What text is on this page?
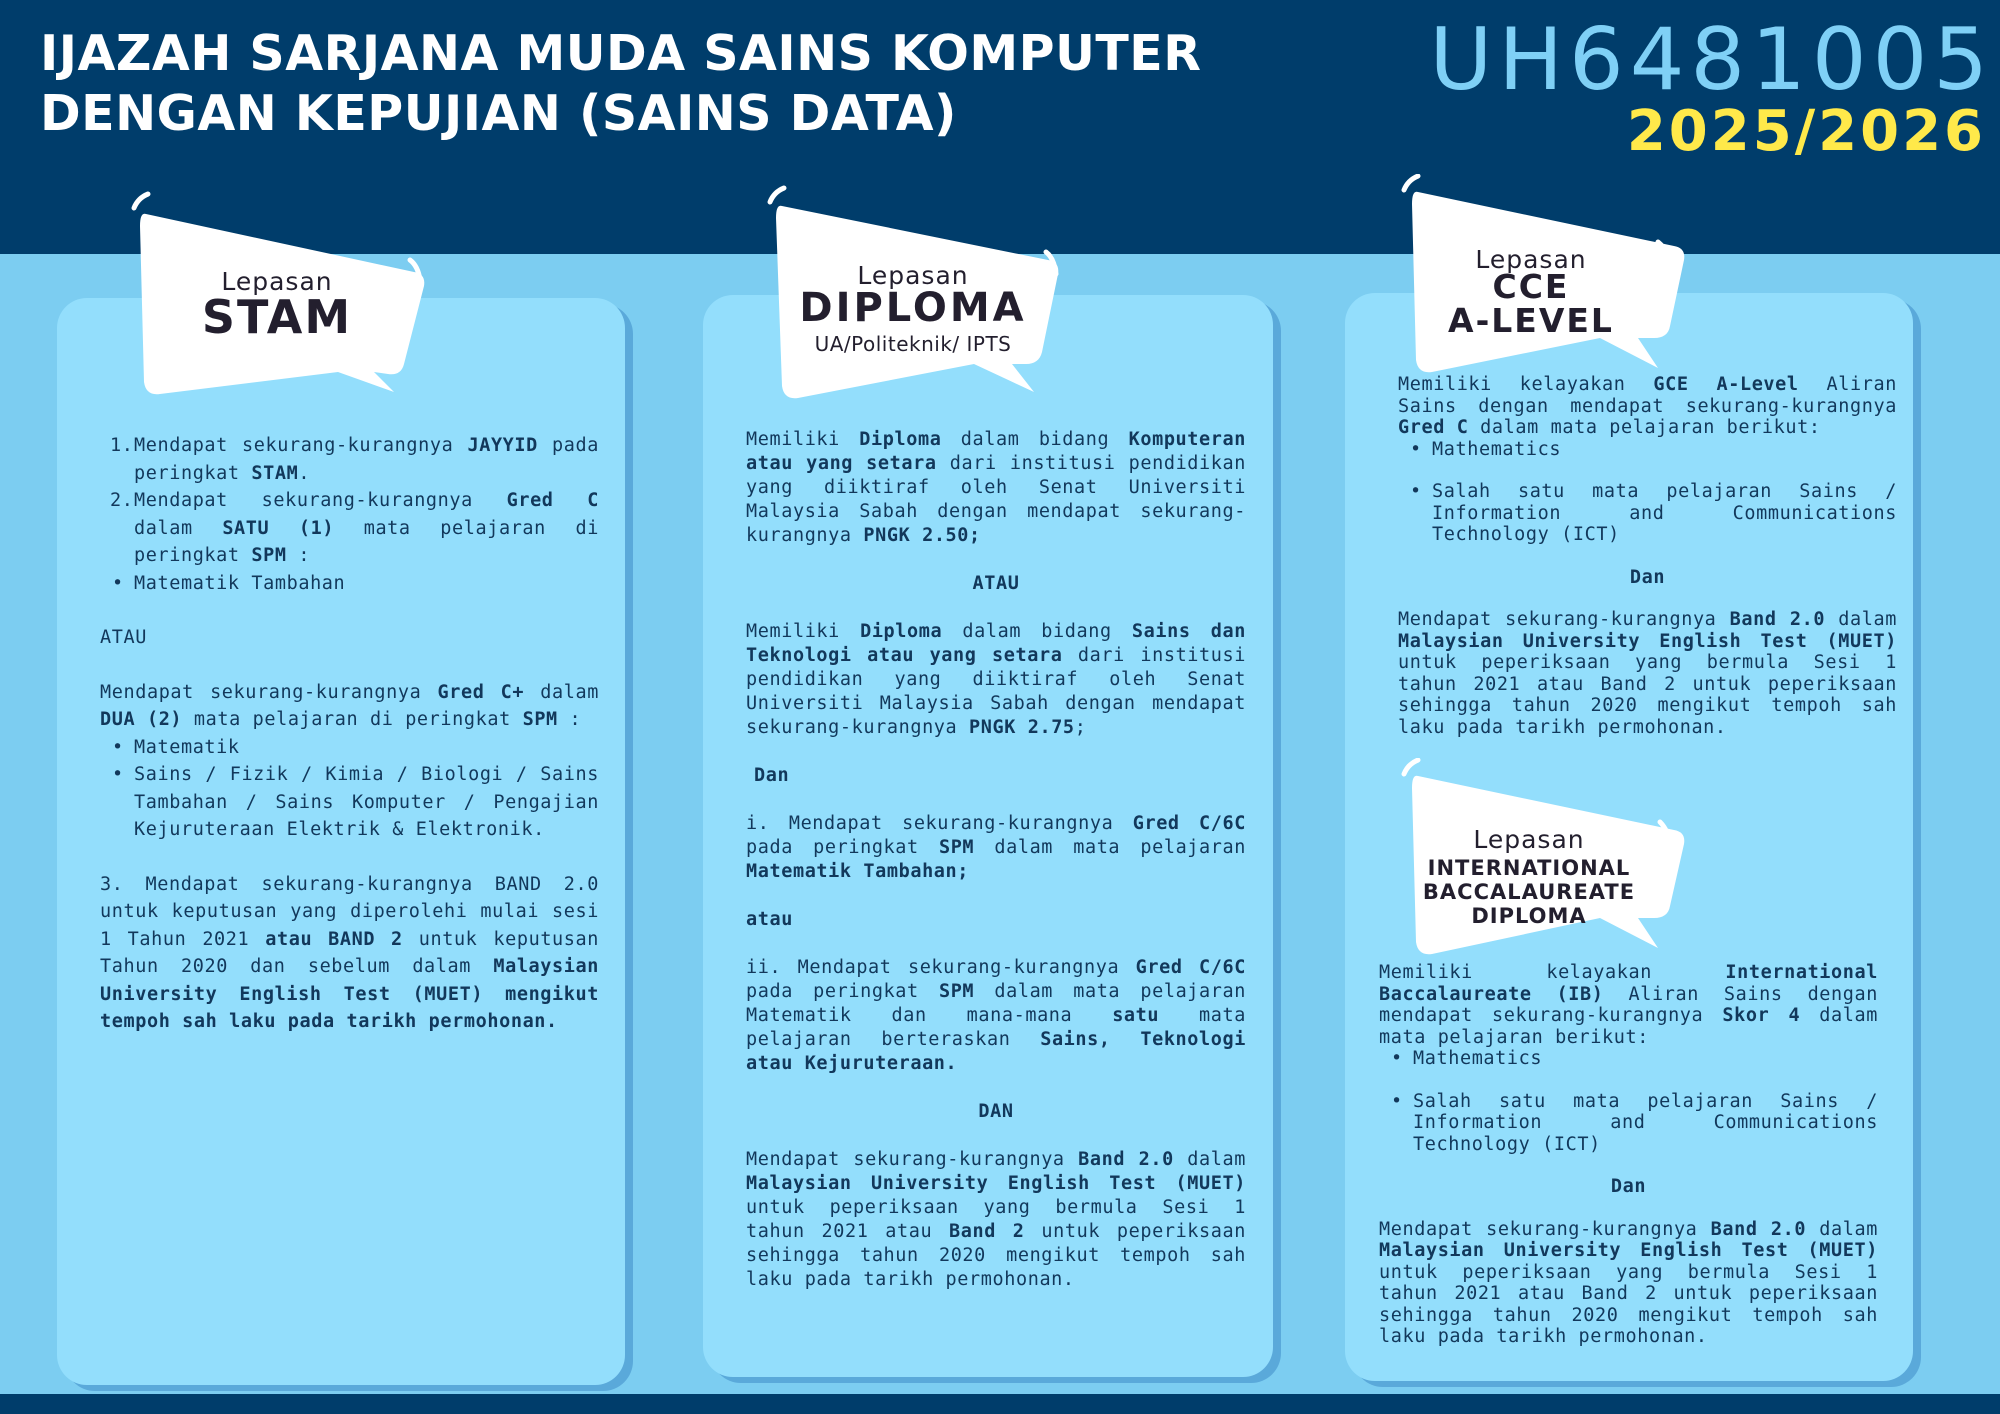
IJAZAH SARJANA MUDA SAINS KOMPUTER
DENGAN KEPUJIAN (SAINS DATA)
UH6481005
2025/2026
Lepasan
STAM
Lepasan
DIPLOMA
UA/Politeknik/ IPTS
Lepasan
CCE
A-LEVEL
Lepasan
INTERNATIONAL
BACCALAUREATE
DIPLOMA
1. Mendapat sekurang-kurangnya JAYYID pada peringkat STAM.
2. Mendapat sekurang-kurangnya Gred C dalam SATU (1) mata pelajaran di peringkat SPM :
• Matematik Tambahan

ATAU

Mendapat sekurang-kurangnya Gred C+ dalam DUA (2) mata pelajaran di peringkat SPM :

• Matematik
• Sains / Fizik / Kimia / Biologi / Sains Tambahan / Sains Komputer / Pengajian Kejuruteraan Elektrik & Elektronik.

3. Mendapat sekurang-kurangnya BAND 2.0 untuk keputusan yang diperolehi mulai sesi 1 Tahun 2021 atau BAND 2 untuk keputusan Tahun 2020 dan sebelum dalam Malaysian University English Test (MUET) mengikut tempoh sah laku pada tarikh permohonan.

Memiliki Diploma dalam bidang Komputeran atau yang setara dari institusi pendidikan yang diiktiraf oleh Senat Universiti Malaysia Sabah dengan mendapat sekurang-kurangnya PNGK 2.50;

ATAU

Memiliki Diploma dalam bidang Sains dan Teknologi atau yang setara dari institusi pendidikan yang diiktiraf oleh Senat Universiti Malaysia Sabah dengan mendapat sekurang-kurangnya PNGK 2.75;

Dan

i. Mendapat sekurang-kurangnya Gred C/6C pada peringkat SPM dalam mata pelajaran Matematik Tambahan;

atau

ii. Mendapat sekurang-kurangnya Gred C/6C pada peringkat SPM dalam mata pelajaran Matematik dan mana-mana satu mata pelajaran berteraskan Sains, Teknologi atau Kejuruteraan.

DAN

Mendapat sekurang-kurangnya Band 2.0 dalam Malaysian University English Test (MUET) untuk peperiksaan yang bermula Sesi 1 tahun 2021 atau Band 2 untuk peperiksaan sehingga tahun 2020 mengikut tempoh sah laku pada tarikh permohonan.

Memiliki kelayakan GCE A-Level Aliran Sains dengan mendapat sekurang-kurangnya Gred C dalam mata pelajaran berikut:

• Mathematics
• Salah satu mata pelajaran Sains / Information and Communications Technology (ICT)

Dan

Mendapat sekurang-kurangnya Band 2.0 dalam Malaysian University English Test (MUET) untuk peperiksaan yang bermula Sesi 1 tahun 2021 atau Band 2 untuk peperiksaan sehingga tahun 2020 mengikut tempoh sah laku pada tarikh permohonan.

Memiliki kelayakan International Baccalaureate (IB) Aliran Sains dengan mendapat sekurang-kurangnya Skor 4 dalam mata pelajaran berikut:

• Mathematics
• Salah satu mata pelajaran Sains / Information and Communications Technology (ICT)

Dan

Mendapat sekurang-kurangnya Band 2.0 dalam Malaysian University English Test (MUET) untuk peperiksaan yang bermula Sesi 1 tahun 2021 atau Band 2 untuk peperiksaan sehingga tahun 2020 mengikut tempoh sah laku pada tarikh permohonan.
